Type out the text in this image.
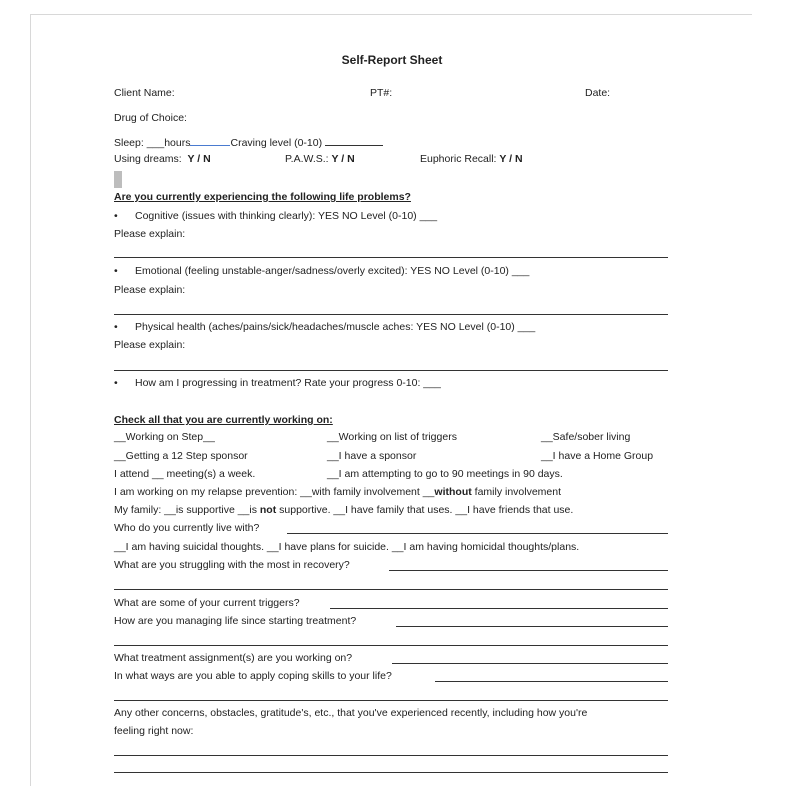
Self-Report Sheet
Client Name:	PT#:	Date:
Drug of Choice:
Sleep: ___hours	Craving level (0-10)
Using dreams: Y / N	P.A.W.S.: Y / N	Euphoric Recall: Y / N
Are you currently experiencing the following life problems?
• Cognitive (issues with thinking clearly): YES NO Level (0-10) ___
Please explain:
• Emotional (feeling unstable-anger/sadness/overly excited): YES NO Level (0-10) ___
Please explain:
• Physical health (aches/pains/sick/headaches/muscle aches: YES NO Level (0-10) ___
Please explain:
• How am I progressing in treatment? Rate your progress 0-10: ___
Check all that you are currently working on:
__Working on Step__	__Working on list of triggers	__Safe/sober living
__Getting a 12 Step sponsor	__I have a sponsor	__I have a Home Group
I attend __ meeting(s) a week.	__I am attempting to go to 90 meetings in 90 days.
I am working on my relapse prevention: __with family involvement __without family involvement
My family: __is supportive __is not supportive. __I have family that uses. __I have friends that use.
Who do you currently live with?
__I am having suicidal thoughts. __I have plans for suicide. __I am having homicidal thoughts/plans.
What are you struggling with the most in recovery?
What are some of your current triggers?
How are you managing life since starting treatment?
What treatment assignment(s) are you working on?
In what ways are you able to apply coping skills to your life?
Any other concerns, obstacles, gratitude's, etc., that you've experienced recently, including how you're
feeling right now:
